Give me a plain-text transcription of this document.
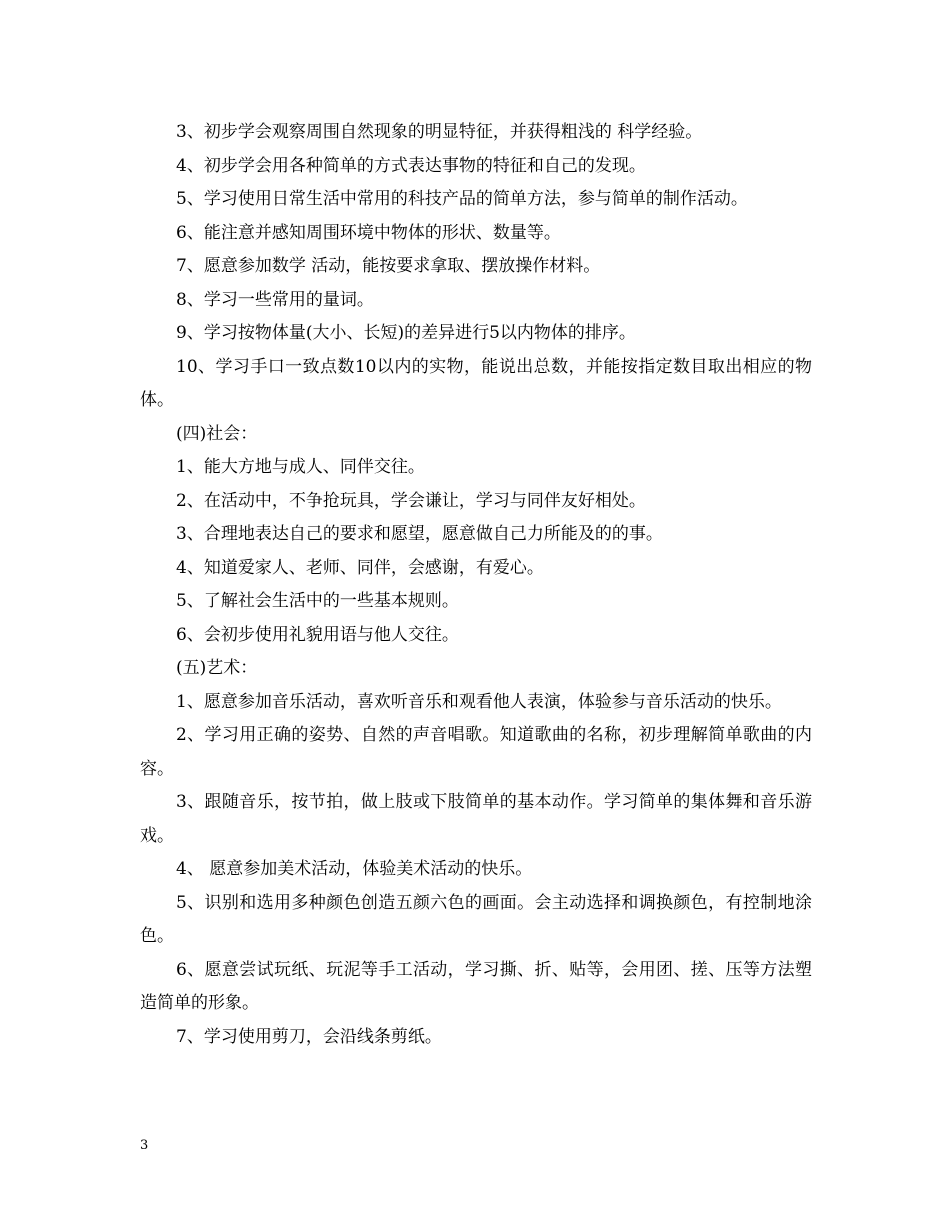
3、初步学会观察周围自然现象的明显特征，并获得粗浅的 科学经验。

4、初步学会用各种简单的方式表达事物的特征和自己的发现。

5、学习使用日常生活中常用的科技产品的简单方法，参与简单的制作活动。

6、能注意并感知周围环境中物体的形状、数量等。

7、愿意参加数学 活动，能按要求拿取、摆放操作材料。

8、学习一些常用的量词。

9、学习按物体量(大小、长短)的差异进行5以内物体的排序。

10、学习手口一致点数10以内的实物，能说出总数，并能按指定数目取出相应的物体。

(四)社会：

1、能大方地与成人、同伴交往。

2、在活动中，不争抢玩具，学会谦让，学习与同伴友好相处。

3、合理地表达自己的要求和愿望，愿意做自己力所能及的的事。

4、知道爱家人、老师、同伴，会感谢，有爱心。

5、了解社会生活中的一些基本规则。

6、会初步使用礼貌用语与他人交往。

(五)艺术：

1、愿意参加音乐活动，喜欢听音乐和观看他人表演，体验参与音乐活动的快乐。

2、学习用正确的姿势、自然的声音唱歌。知道歌曲的名称，初步理解简单歌曲的内容。

3、跟随音乐，按节拍，做上肢或下肢简单的基本动作。学习简单的集体舞和音乐游戏。

4、 愿意参加美术活动，体验美术活动的快乐。

5、识别和选用多种颜色创造五颜六色的画面。会主动选择和调换颜色，有控制地涂色。

6、愿意尝试玩纸、玩泥等手工活动，学习撕、折、贴等，会用团、搓、压等方法塑造简单的形象。

7、学习使用剪刀，会沿线条剪纸。

3
